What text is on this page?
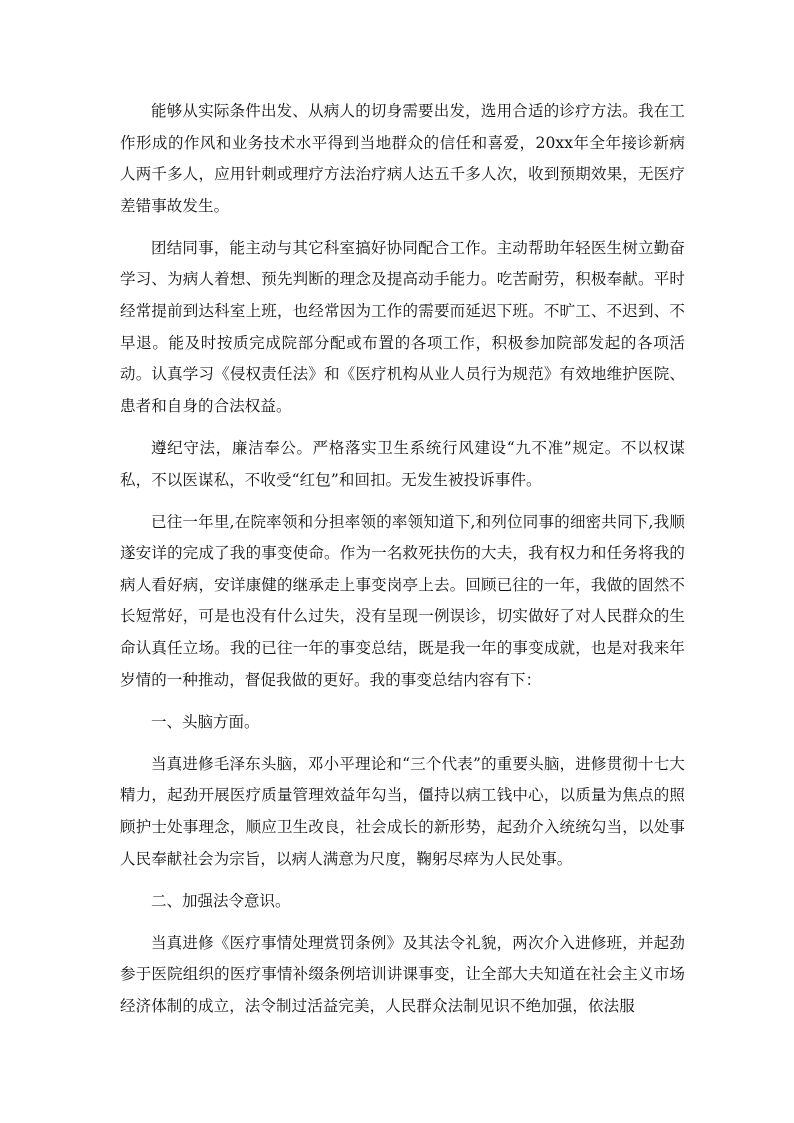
能够从实际条件出发、从病人的切身需要出发，选用合适的诊疗方法。我在工作形成的作风和业务技术水平得到当地群众的信任和喜爱，20xx年全年接诊新病人两千多人，应用针刺或理疗方法治疗病人达五千多人次，收到预期效果，无医疗差错事故发生。

团结同事，能主动与其它科室搞好协同配合工作。主动帮助年轻医生树立勤奋学习、为病人着想、预先判断的理念及提高动手能力。吃苦耐劳，积极奉献。平时经常提前到达科室上班，也经常因为工作的需要而延迟下班。不旷工、不迟到、不早退。能及时按质完成院部分配或布置的各项工作，积极参加院部发起的各项活动。认真学习《侵权责任法》和《医疗机构从业人员行为规范》有效地维护医院、患者和自身的合法权益。

遵纪守法，廉洁奉公。严格落实卫生系统行风建设“九不准”规定。不以权谋私，不以医谋私，不收受“红包”和回扣。无发生被投诉事件。

已往一年里,在院率领和分担率领的率领知道下,和列位同事的细密共同下,我顺遂安详的完成了我的事变使命。作为一名救死扶伤的大夫，我有权力和任务将我的病人看好病，安详康健的继承走上事变岗亭上去。回顾已往的一年，我做的固然不长短常好，可是也没有什么过失，没有呈现一例误诊，切实做好了对人民群众的生命认真任立场。我的已往一年的事变总结，既是我一年的事变成就，也是对我来年岁情的一种推动，督促我做的更好。我的事变总结内容有下：

一、头脑方面。

当真进修毛泽东头脑，邓小平理论和“三个代表”的重要头脑，进修贯彻十七大精力，起劲开展医疗质量管理效益年勾当，僵持以病工钱中心，以质量为焦点的照顾护士处事理念，顺应卫生改良，社会成长的新形势，起劲介入统统勾当，以处事人民奉献社会为宗旨，以病人满意为尺度，鞠躬尽瘁为人民处事。

二、加强法令意识。

当真进修《医疗事情处理赏罚条例》及其法令礼貌，两次介入进修班，并起劲参于医院组织的医疗事情补缀条例培训讲课事变，让全部大夫知道在社会主义市场经济体制的成立，法令制过活益完美，人民群众法制见识不绝加强，依法服
